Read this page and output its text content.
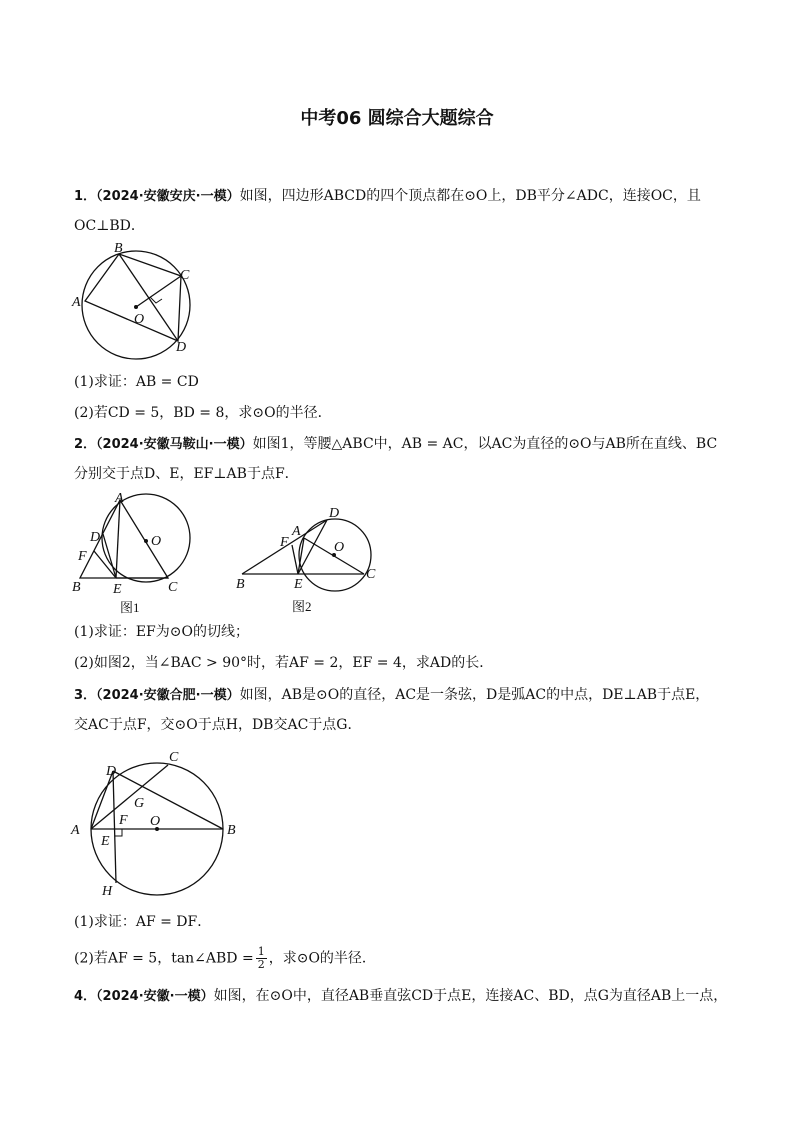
中考06 圆综合大题综合
1．（2024·安徽安庆·一模）如图，四边形ABCD的四个顶点都在⊙O上，DB平分∠ADC，连接OC，且
OC⊥BD．
A
B
C
D
O
(1)求证：AB = CD
(2)若CD = 5，BD = 8，求⊙O的半径．
2．（2024·安徽马鞍山·一模）如图1，等腰△ABC中，AB = AC，以AC为直径的⊙O与AB所在直线、BC
分别交于点D、E，EF⊥AB于点F．
A
D
F
B E	C
O
图1
D
A
F	O
B	E
C
图2
(1)求证：EF为⊙O的切线；
(2)如图2，当∠BAC > 90°时，若AF = 2，EF = 4，求AD的长．
3．（2024·安徽合肥·一模）如图，AB是⊙O的直径，AC是一条弦，D是弧AC的中点，DE⊥AB于点E，
交AC于点F，交⊙O于点H，DB交AC于点G．
C
D
G
A
F O
B
E
H
(1)求证：AF = DF．
(2)若AF = 5，tan∠ABD = $\frac{1}{2}$ ，求⊙O的半径．
4．（2024·安徽·一模）如图，在⊙O中，直径AB垂直弦CD于点E，连接AC、BD，点G为直径AB上一点，
